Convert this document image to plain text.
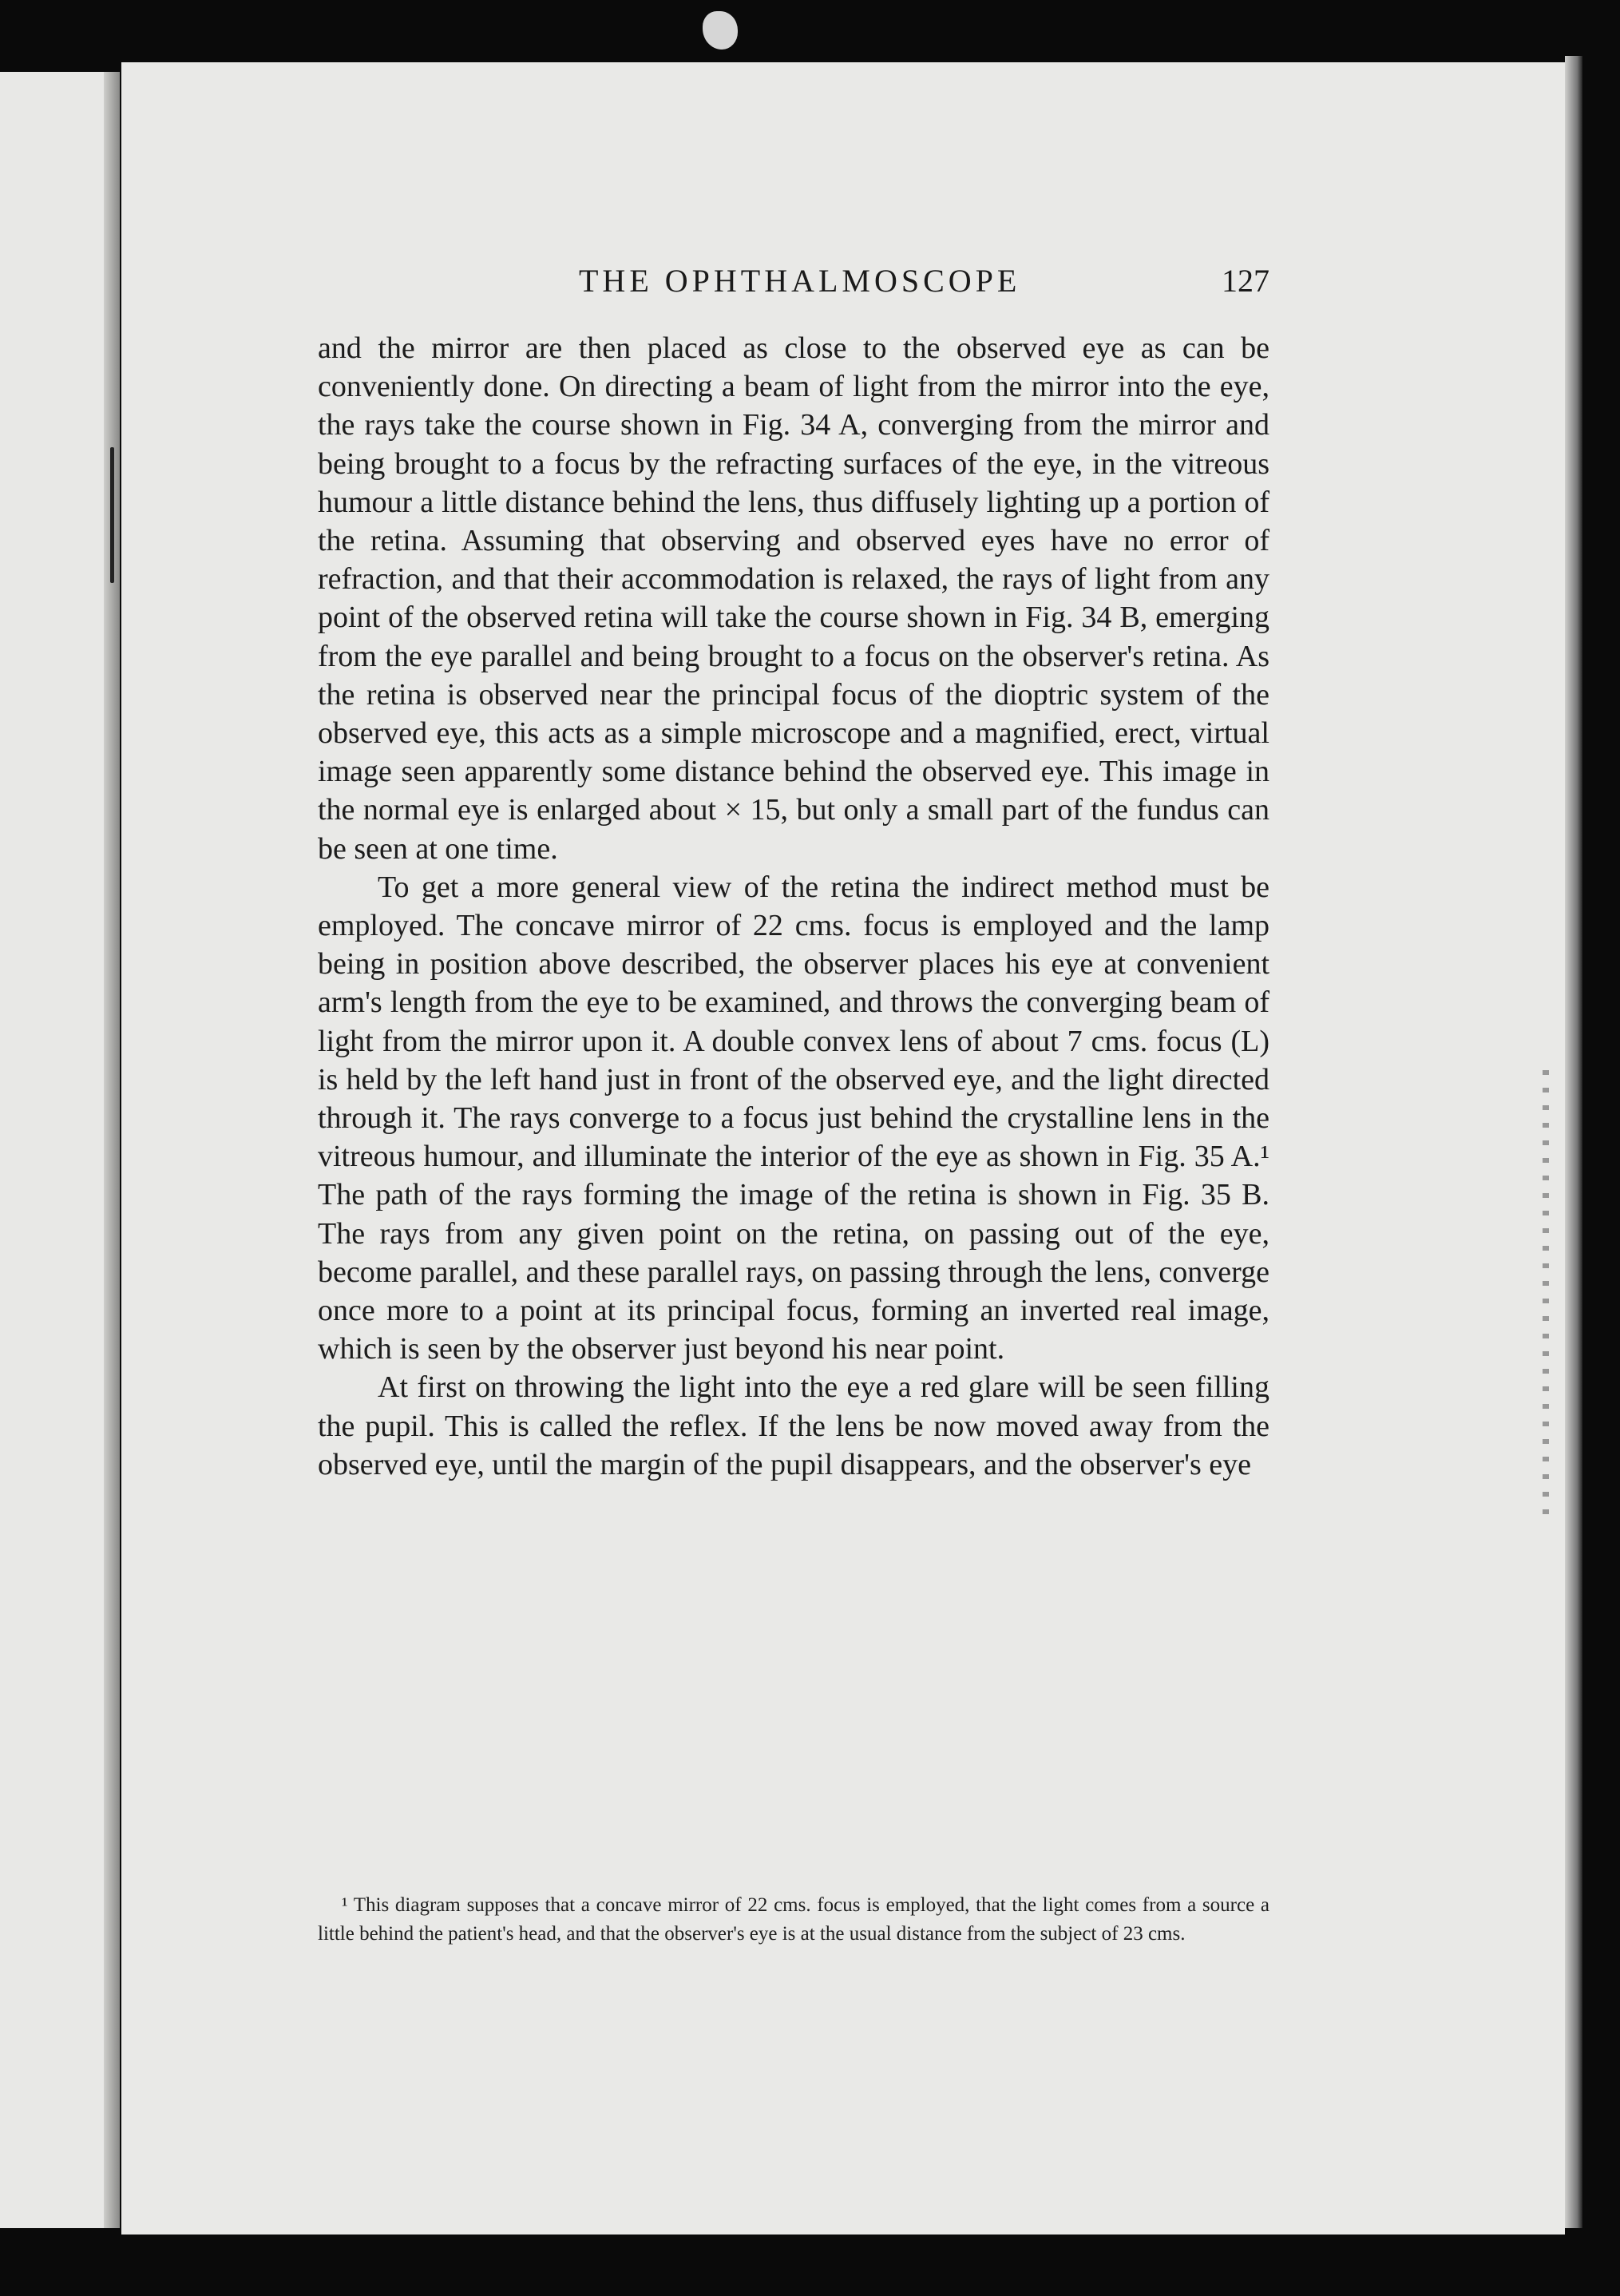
THE OPHTHALMOSCOPE	127

and the mirror are then placed as close to the observed eye as can be conveniently done. On directing a beam of light from the mirror into the eye, the rays take the course shown in Fig. 34 A, converging from the mirror and being brought to a focus by the refracting surfaces of the eye, in the vitreous humour a little distance behind the lens, thus diffusely lighting up a portion of the retina. Assuming that observing and observed eyes have no error of refraction, and that their accommodation is relaxed, the rays of light from any point of the observed retina will take the course shown in Fig. 34 B, emerging from the eye parallel and being brought to a focus on the observer's retina. As the retina is observed near the principal focus of the dioptric system of the observed eye, this acts as a simple microscope and a magnified, erect, virtual image seen apparently some distance behind the observed eye. This image in the normal eye is enlarged about × 15, but only a small part of the fundus can be seen at one time.

To get a more general view of the retina the indirect method must be employed. The concave mirror of 22 cms. focus is employed and the lamp being in position above described, the observer places his eye at convenient arm's length from the eye to be examined, and throws the converging beam of light from the mirror upon it. A double convex lens of about 7 cms. focus (L) is held by the left hand just in front of the observed eye, and the light directed through it. The rays converge to a focus just behind the crystalline lens in the vitreous humour, and illuminate the interior of the eye as shown in Fig. 35 A.¹ The path of the rays forming the image of the retina is shown in Fig. 35 B. The rays from any given point on the retina, on passing out of the eye, become parallel, and these parallel rays, on passing through the lens, converge once more to a point at its principal focus, forming an inverted real image, which is seen by the observer just beyond his near point.

At first on throwing the light into the eye a red glare will be seen filling the pupil. This is called the reflex. If the lens be now moved away from the observed eye, until the margin of the pupil disappears, and the observer's eye

¹ This diagram supposes that a concave mirror of 22 cms. focus is employed, that the light comes from a source a little behind the patient's head, and that the observer's eye is at the usual distance from the subject of 23 cms.
